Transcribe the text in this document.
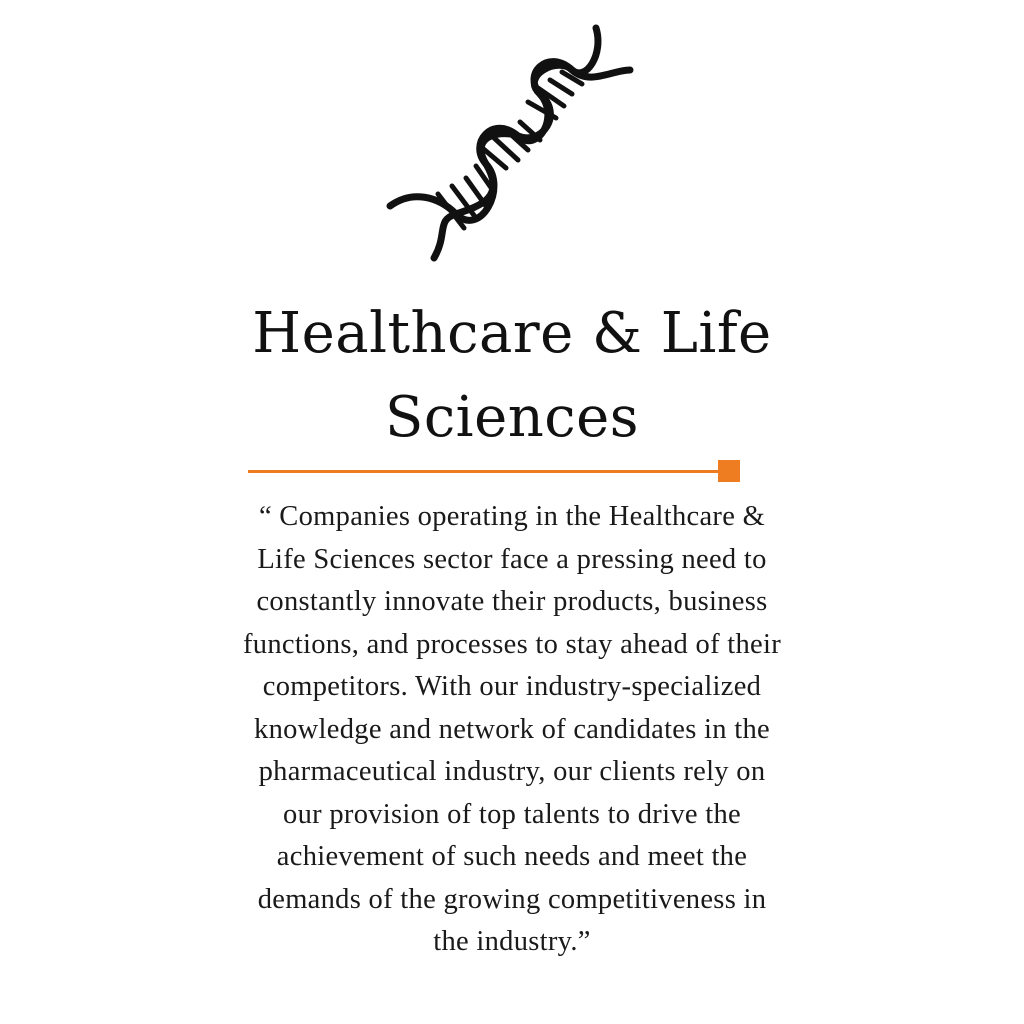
Healthcare & Life
Sciences

“ Companies operating in the Healthcare &
Life Sciences sector face a pressing need to
constantly innovate their products, business
functions, and processes to stay ahead of their
competitors. With our industry-specialized
knowledge and network of candidates in the
pharmaceutical industry, our clients rely on
our provision of top talents to drive the
achievement of such needs and meet the
demands of the growing competitiveness in
the industry.”
